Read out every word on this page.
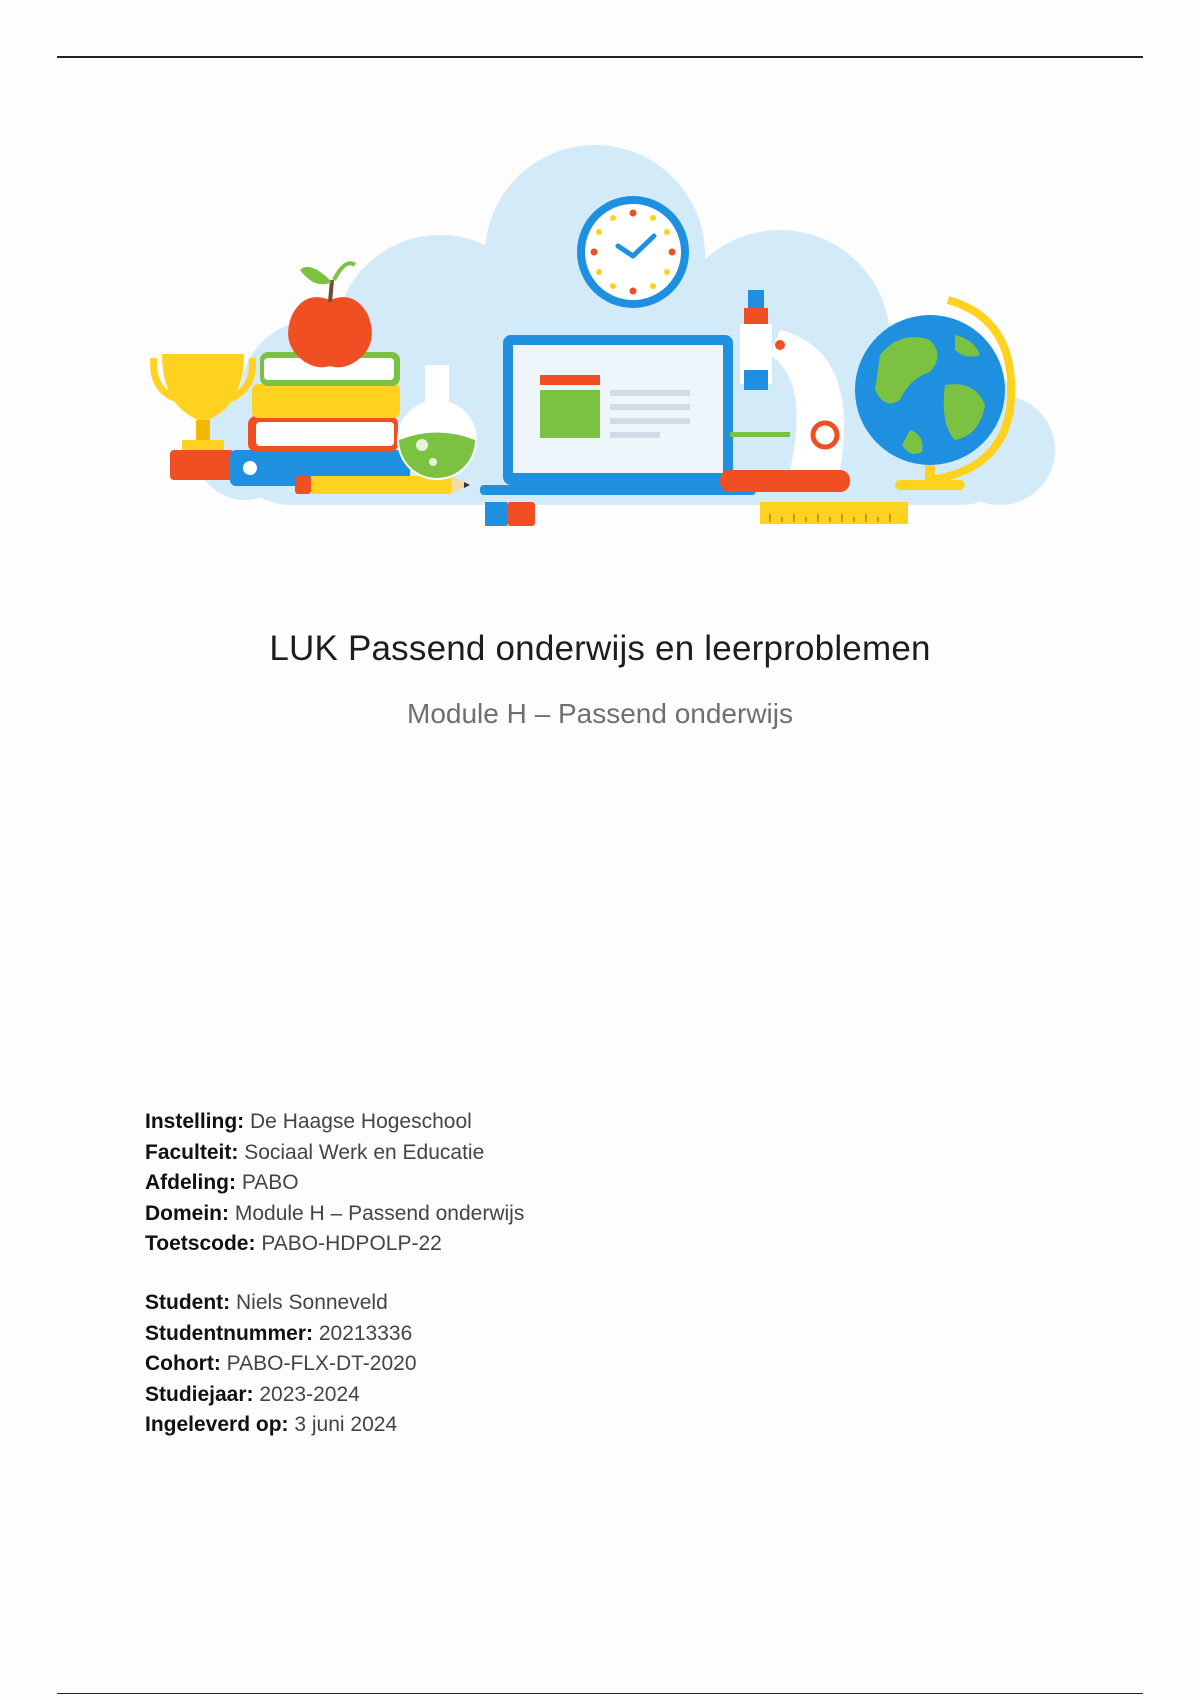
LUK Passend onderwijs en leerproblemen
Module H – Passend onderwijs
Instelling: De Haagse Hogeschool
Faculteit: Sociaal Werk en Educatie
Afdeling: PABO
Domein: Module H – Passend onderwijs
Toetscode: PABO-HDPOLP-22
Student: Niels Sonneveld
Studentnummer: 20213336
Cohort: PABO-FLX-DT-2020
Studiejaar: 2023-2024
Ingeleverd op: 3 juni 2024
